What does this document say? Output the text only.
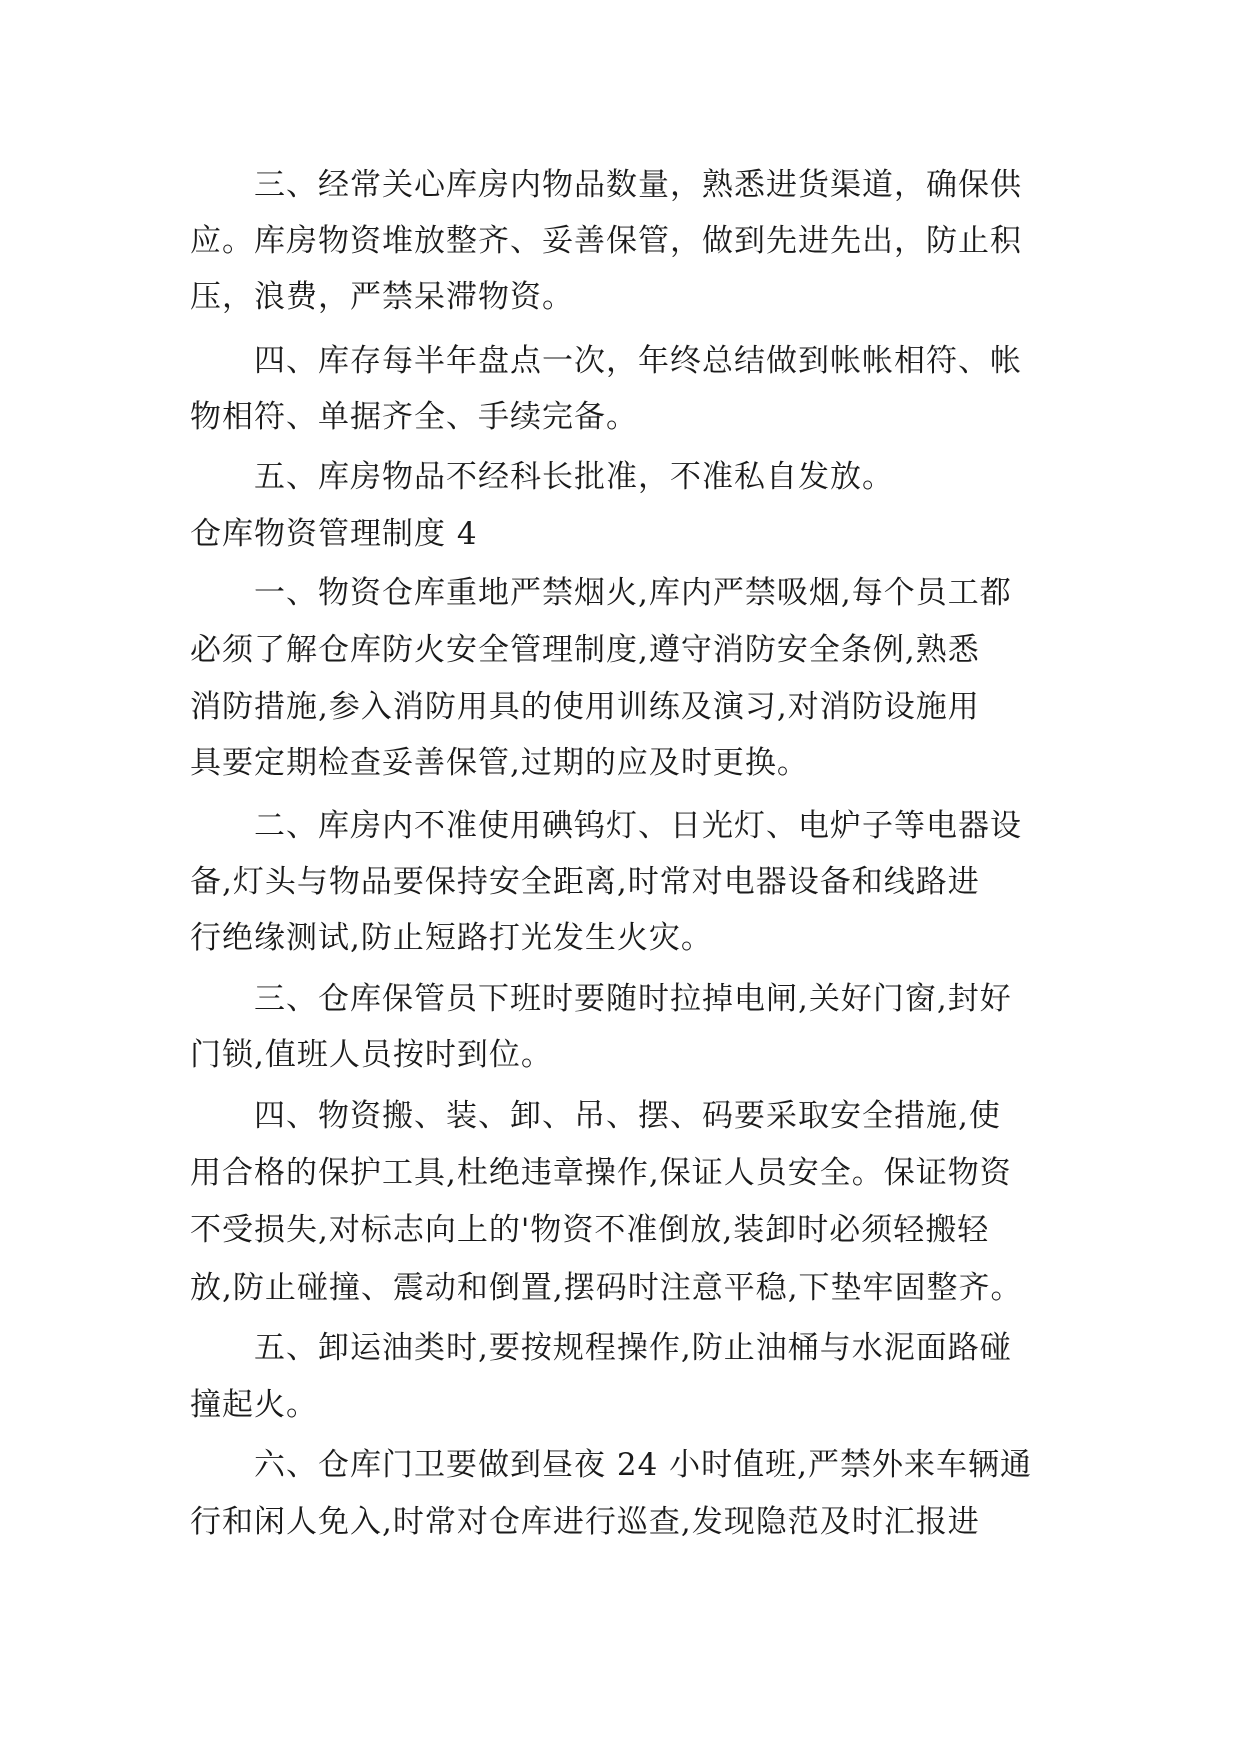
三、经常关心库房内物品数量，熟悉进货渠道，确保供
应。库房物资堆放整齐、妥善保管，做到先进先出，防止积
压，浪费，严禁呆滞物资。
四、库存每半年盘点一次，年终总结做到帐帐相符、帐
物相符、单据齐全、手续完备。
五、库房物品不经科长批准，不准私自发放。
仓库物资管理制度 4
一、物资仓库重地严禁烟火,库内严禁吸烟,每个员工都
必须了解仓库防火安全管理制度,遵守消防安全条例,熟悉
消防措施,参入消防用具的使用训练及演习,对消防设施用
具要定期检查妥善保管,过期的应及时更换。
二、库房内不准使用碘钨灯、日光灯、电炉子等电器设
备,灯头与物品要保持安全距离,时常对电器设备和线路进
行绝缘测试,防止短路打光发生火灾。
三、仓库保管员下班时要随时拉掉电闸,关好门窗,封好
门锁,值班人员按时到位。
四、物资搬、装、卸、吊、摆、码要采取安全措施,使
用合格的保护工具,杜绝违章操作,保证人员安全。保证物资
不受损失,对标志向上的'物资不准倒放,装卸时必须轻搬轻
放,防止碰撞、震动和倒置,摆码时注意平稳,下垫牢固整齐。
五、卸运油类时,要按规程操作,防止油桶与水泥面路碰
撞起火。
六、仓库门卫要做到昼夜 24 小时值班,严禁外来车辆通
行和闲人免入,时常对仓库进行巡查,发现隐范及时汇报进
